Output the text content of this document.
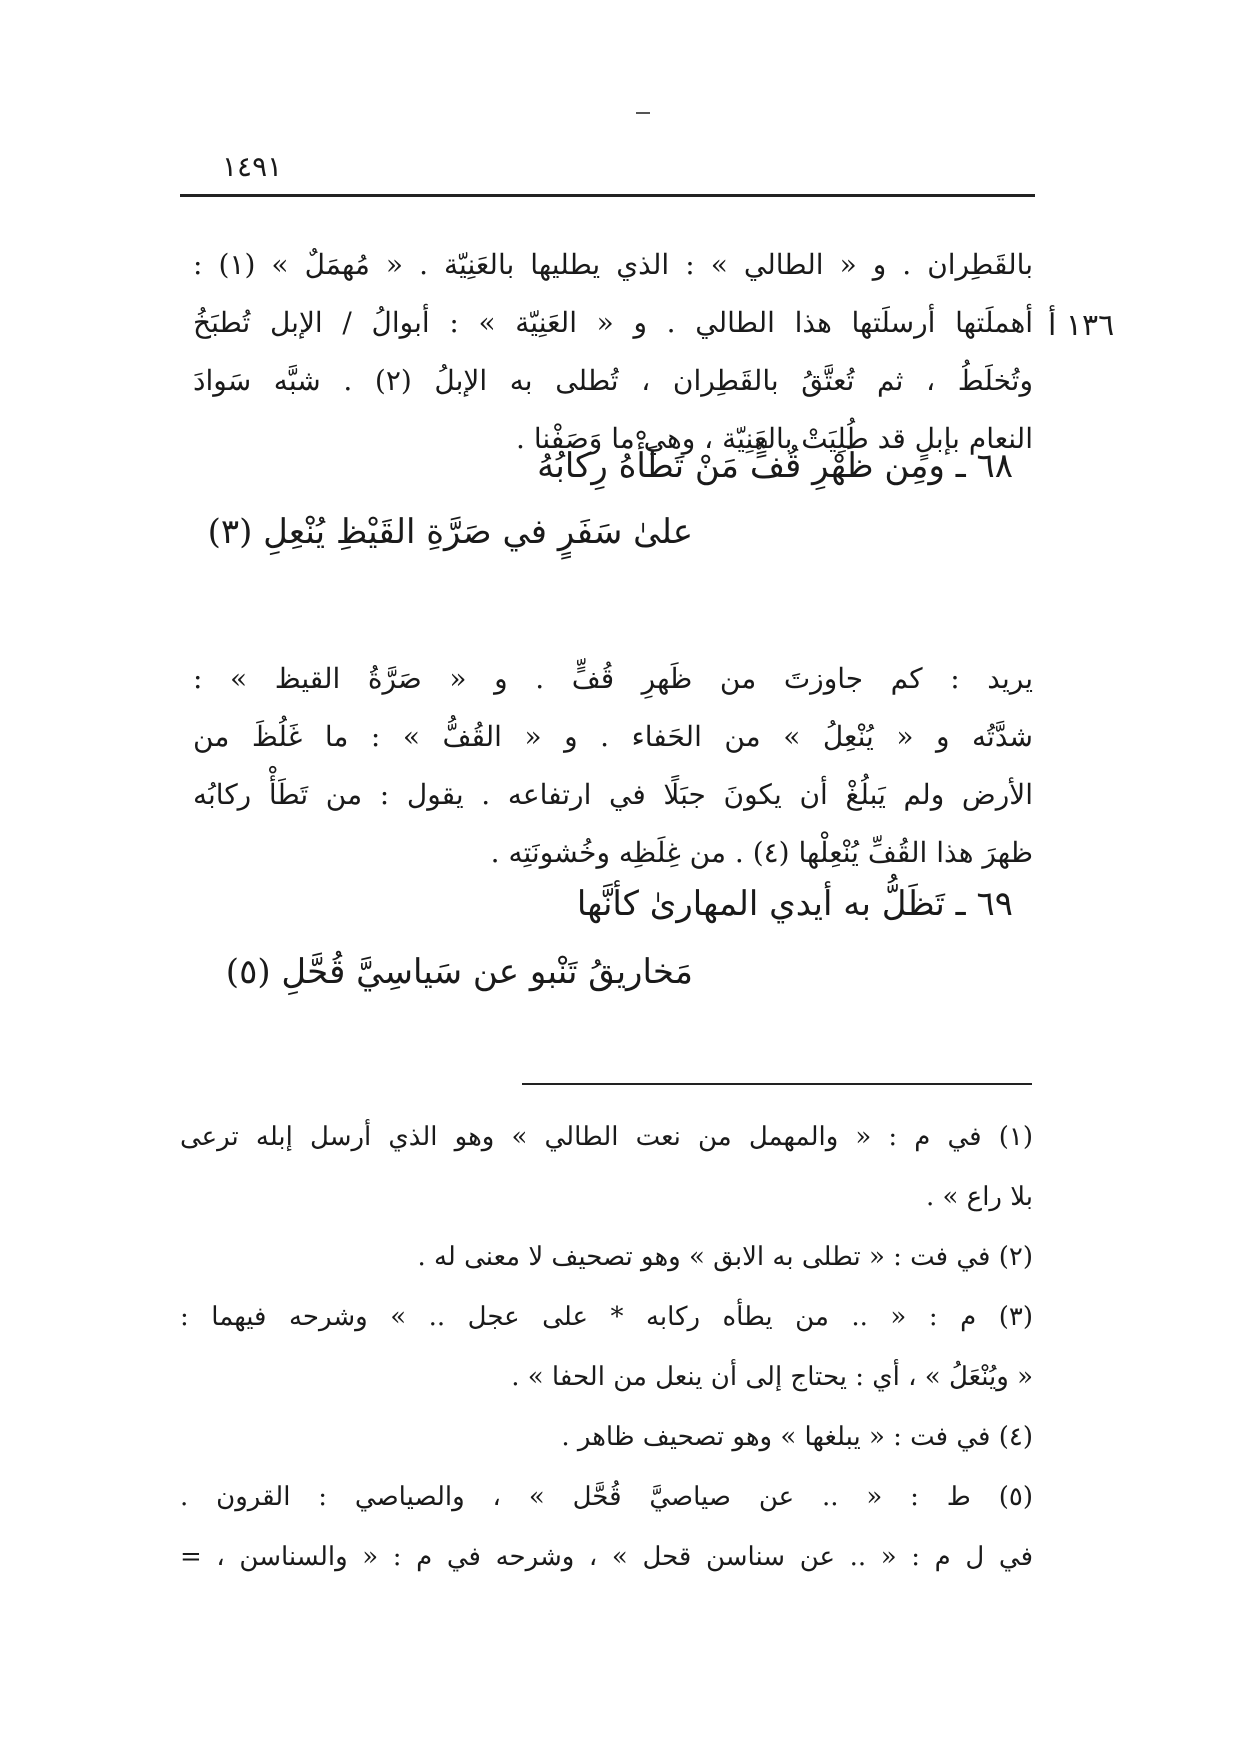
١٤٩١
١٣٦ أ
بالقَطِران . و « الطالي » : الذي يطليها بالعَنِيّة . « مُهمَلٌ » (١) :
أهملَتها أرسلَتها هذا الطالي . و « العَنِيّة » : أبوالُ / الإبل تُطبَخُ
وتُخلَطُ ، ثم تُعتَّقُ بالقَطِران ، تُطلى به الإبلُ (٢) . شبَّه سَوادَ
النعام بإبلٍ قد طُلِيَتْ بالعَنِيّة ، وهي ما وَصَفْنا .
٦٨ ـ ومِن ظَهْرِ قُفٍّ مَنْ تَطَأْهُ رِكابُهُ
علىٰ سَفَرٍ في صَرَّةِ القَيْظِ يُنْعِلِ (٣)
يريد : كم جاوزتَ من ظَهرِ قُفٍّ . و « صَرَّةُ القيظ » :
شدَّتُه و « يُنْعِلُ » من الحَفاء . و « القُفُّ » : ما غَلُظَ من
الأرض ولم يَبلُغْ أن يكونَ جبَلًا في ارتفاعه . يقول : من تَطَأْ ركابُه
ظهرَ هذا القُفِّ يُنْعِلْها (٤) . من غِلَظِه وخُشونَتِه .
٦٩ ـ تَظَلُّ به أيدي المهارىٰ كأنَّها
مَخاريقُ تَنْبو عن سَياسِيَّ قُحَّلِ (٥)
(١) في م : « والمهمل من نعت الطالي » وهو الذي أرسل إبله ترعى
بلا راع » .
(٢) في فت : « تطلى به الابق » وهو تصحيف لا معنى له .
(٣) م : « .. من يطأه ركابه * على عجل .. » وشرحه فيهما :
« ويُنْعَلُ » ، أي : يحتاج إلى أن ينعل من الحفا » .
(٤) في فت : « يبلغها » وهو تصحيف ظاهر .
(٥) ط : « .. عن صياصيَّ قُحَّل » ، والصياصي : القرون .
في ل م : « .. عن سناسن قحل » ، وشرحه في م : « والسناسن ، =
